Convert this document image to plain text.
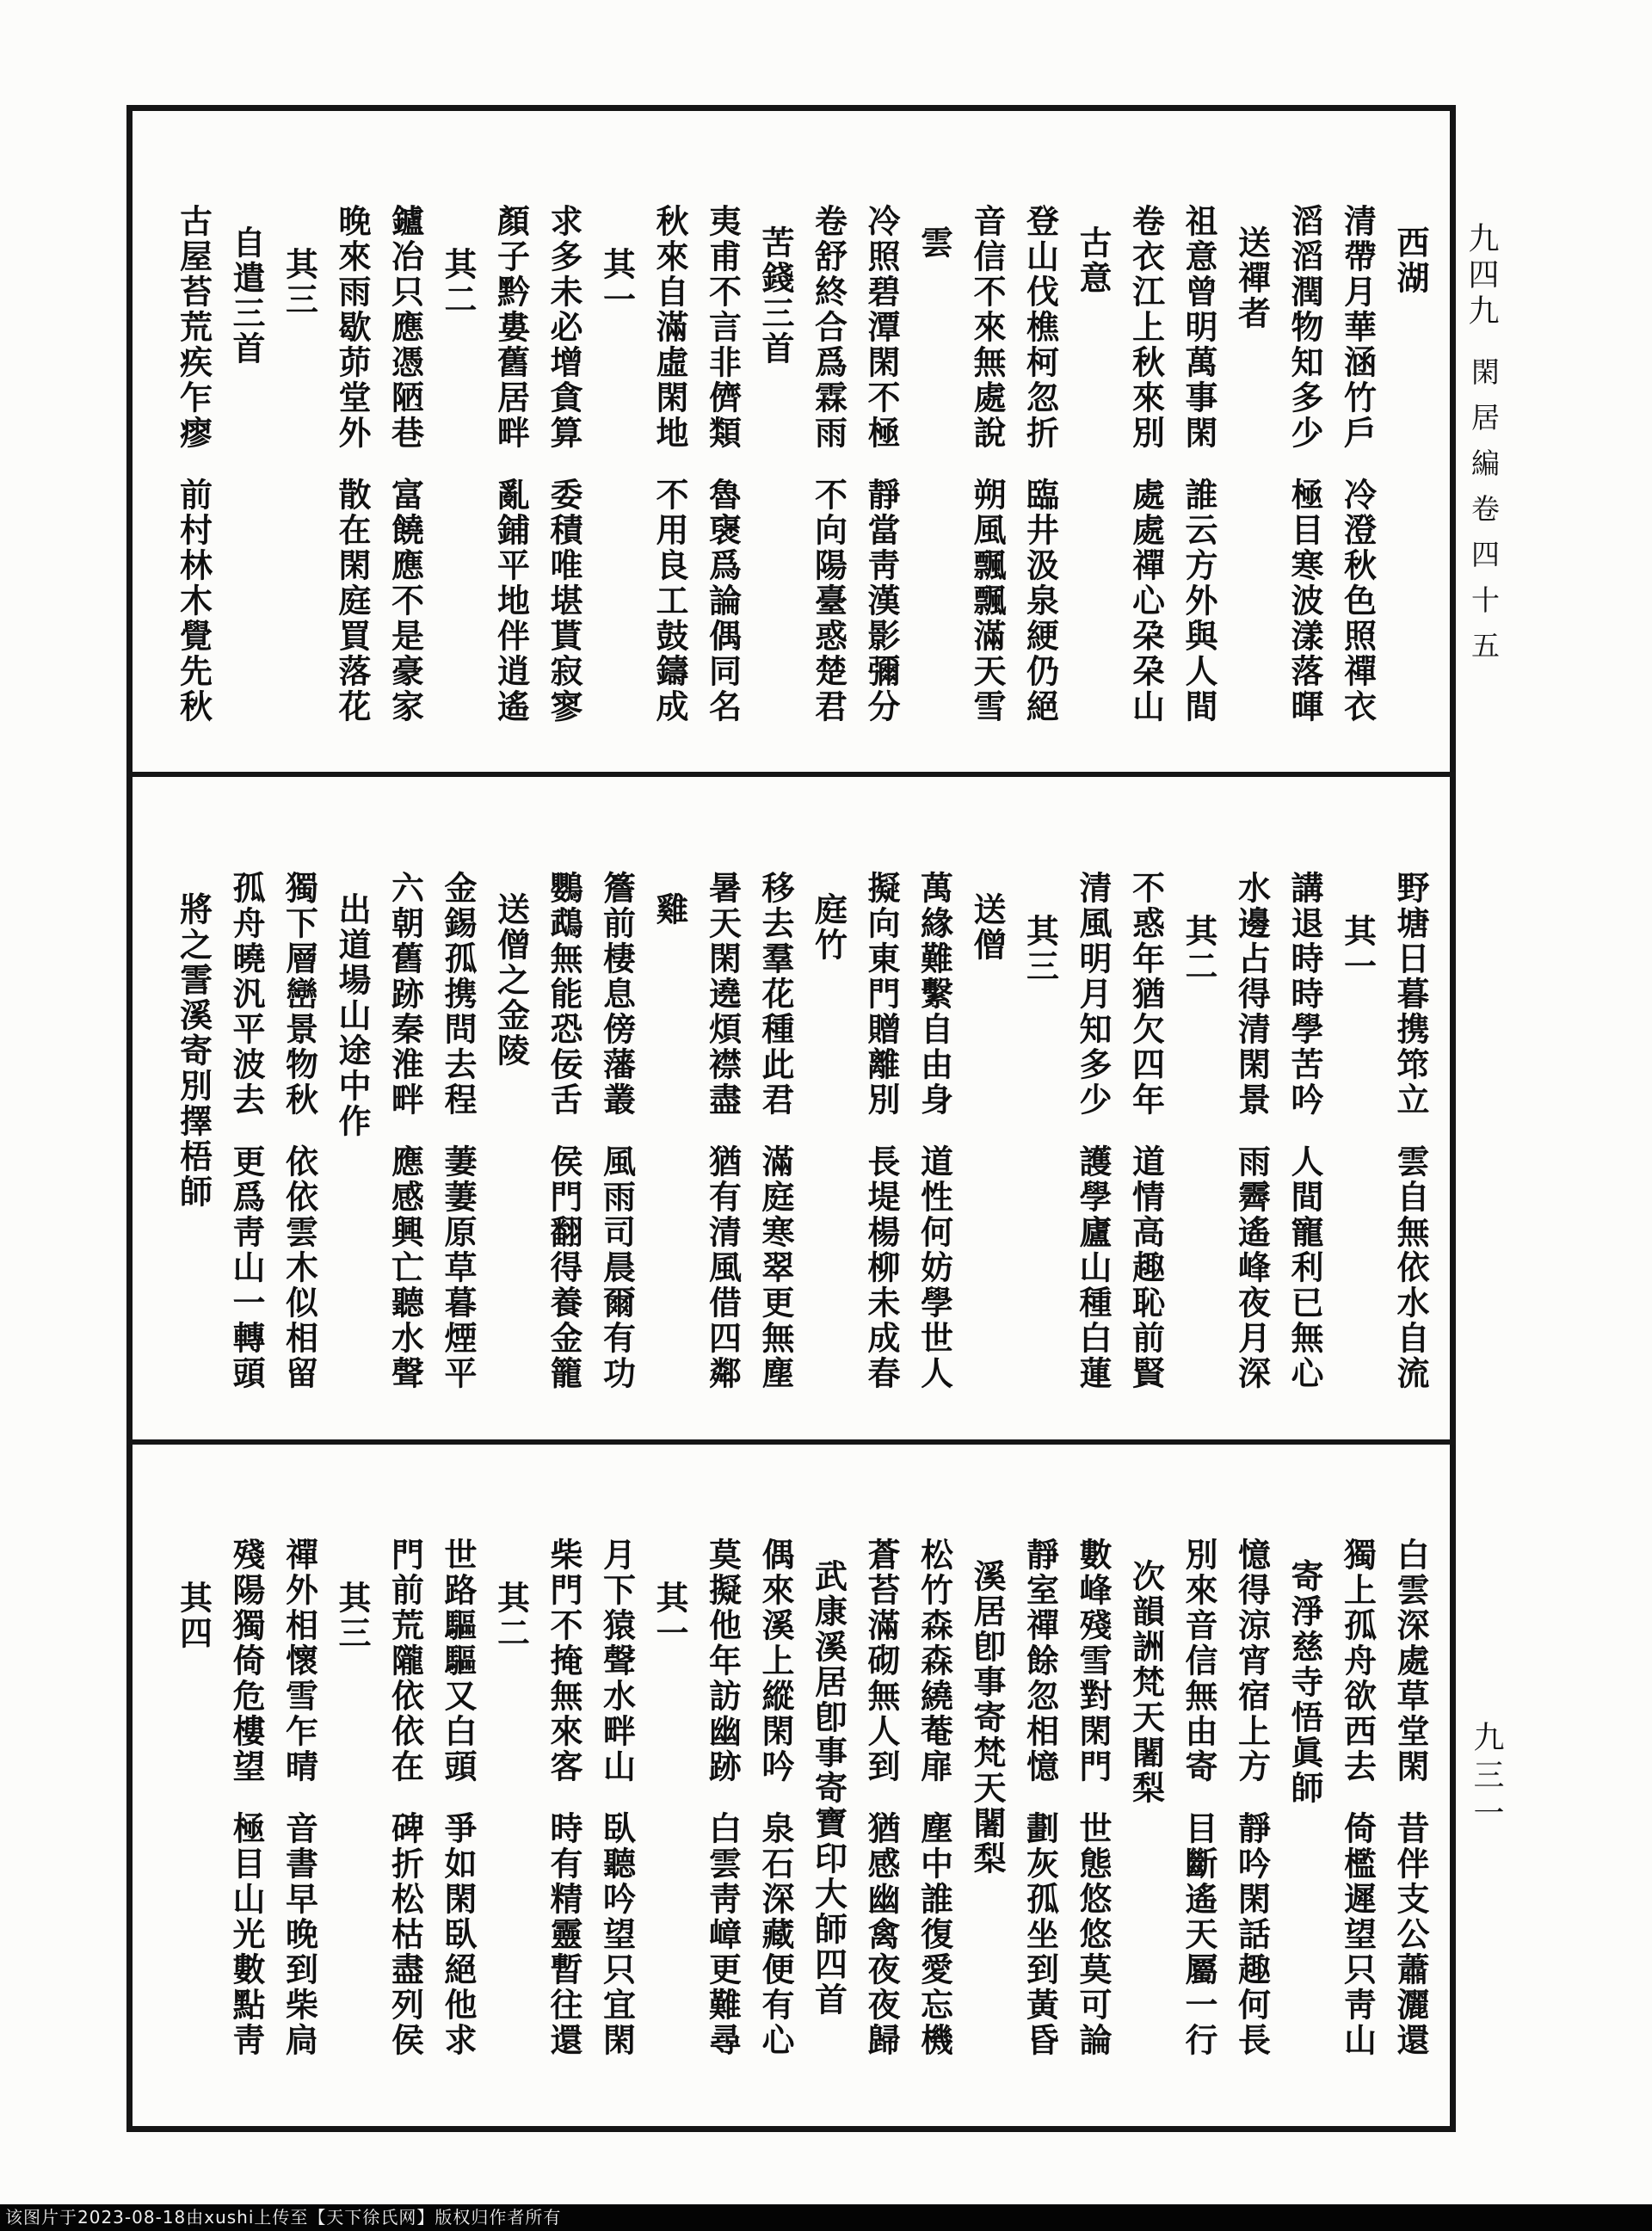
西湖
清帶月華涵竹戶
冷澄秋色照禪衣
滔滔潤物知多少
極目寒波漾落暉
送禪者
祖意曾明萬事閑
誰云方外與人間
卷衣江上秋來別
處處禪心朶朶山
古意
登山伐樵柯忽折
臨井汲泉綆仍絕
音信不來無處說
朔風飄飄滿天雪
雲
冷照碧潭閑不極
靜當靑漢影彌分
卷舒終合爲霖雨
不向陽臺惑楚君
苦錢三首
夷甫不言非儕類
魯襃爲論偶同名
秋來自滿虛閑地
不用良工鼓鑄成
其一
求多未必增貪算
委積唯堪貰寂寥
顏子黔婁舊居畔
亂鋪平地伴逍遙
其二
鑪冶只應憑陋巷
富饒應不是豪家
晚來雨歇茆堂外
散在閑庭買落花
其三
自遣三首
古屋苔荒疾乍瘳
前村林木覺先秋
野塘日暮携筇立
雲自無依水自流
其一
講退時時學苦吟
人間寵利已無心
水邊占得清閑景
雨霽遙峰夜月深
其二
不惑年猶欠四年
道情高趣恥前賢
清風明月知多少
護學廬山種白蓮
其三
送僧
萬緣難繫自由身
道性何妨學世人
擬向東門贈離別
長堤楊柳未成春
庭竹
移去羣花種此君
滿庭寒翠更無塵
暑天閑遶煩襟盡
猶有清風借四鄰
雞
簷前棲息傍藩叢
風雨司晨爾有功
鸚鵡無能恐佞舌
侯門翻得養金籠
送僧之金陵
金錫孤携問去程
萋萋原草暮煙平
六朝舊跡秦淮畔
應感興亡聽水聲
出道場山途中作
獨下層巒景物秋
依依雲木似相留
孤舟曉汎平波去
更爲靑山一轉頭
將之霅溪寄別擇梧師
白雲深處草堂閑
昔伴支公蕭灑還
獨上孤舟欲西去
倚檻遲望只靑山
寄淨慈寺悟眞師
憶得涼宵宿上方
靜吟閑話趣何長
別來音信無由寄
目斷遙天屬一行
次韻詶梵天闍梨
數峰殘雪對閑門
世態悠悠莫可論
靜室禪餘忽相憶
劃灰孤坐到黃昏
溪居卽事寄梵天闍梨
松竹森森繞菴扉
塵中誰復愛忘機
蒼苔滿砌無人到
猶感幽禽夜夜歸
武康溪居卽事寄寶印大師四首
偶來溪上縱閑吟
泉石深藏便有心
莫擬他年訪幽跡
白雲靑嶂更難尋
其一
月下猿聲水畔山
臥聽吟望只宜閑
柴門不掩無來客
時有精靈暫往還
其二
世路驅驅又白頭
爭如閑臥絕他求
門前荒隴依依在
碑折松枯盡列侯
其三
禪外相懷雪乍晴
音書早晚到柴扃
殘陽獨倚危樓望
極目山光數點靑
其四
九四九
閑居編卷四十五
九三一
该图片于2023-08-18由xushi上传至【天下徐氏网】版权归作者所有
